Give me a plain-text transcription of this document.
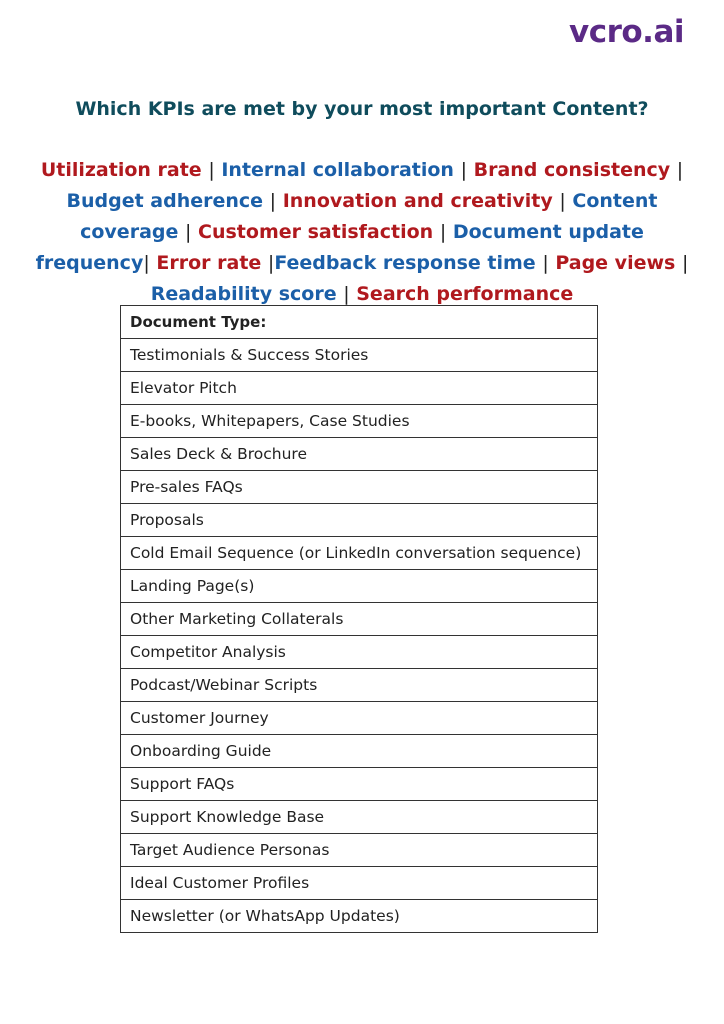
vcro.ai
Which KPIs are met by your most important Content?
Utilization rate | Internal collaboration | Brand consistency | Budget adherence | Innovation and creativity | Content coverage | Customer satisfaction | Document update frequency| Error rate |Feedback response time | Page views | Readability score | Search performance
Document Type:
Testimonials & Success Stories
Elevator Pitch
E-books, Whitepapers, Case Studies
Sales Deck & Brochure
Pre-sales FAQs
Proposals
Cold Email Sequence (or LinkedIn conversation sequence)
Landing Page(s)
Other Marketing Collaterals
Competitor Analysis
Podcast/Webinar Scripts
Customer Journey
Onboarding Guide
Support FAQs
Support Knowledge Base
Target Audience Personas
Ideal Customer Profiles
Newsletter (or WhatsApp Updates)
